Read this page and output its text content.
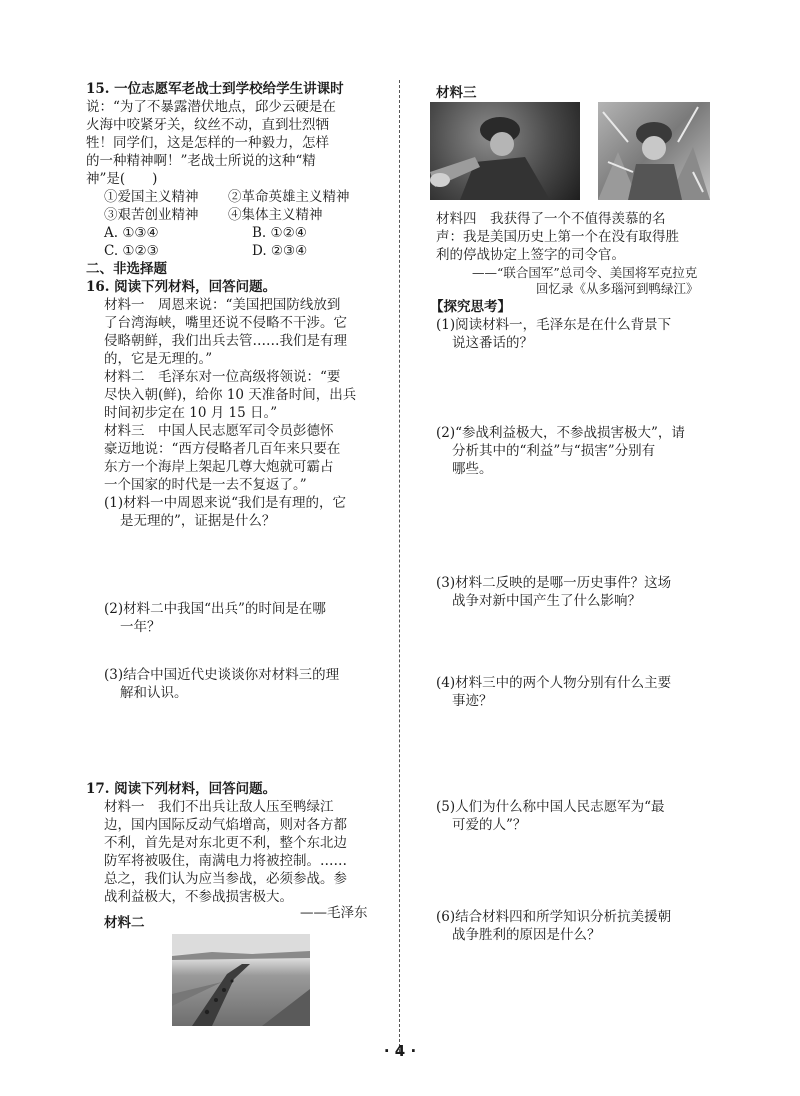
15. 一位志愿军老战士到学校给学生讲课时
说：“为了不暴露潜伏地点，邱少云硬是在
火海中咬紧牙关，纹丝不动，直到壮烈牺
牲！同学们，这是怎样的一种毅力，怎样
的一种精神啊！”老战士所说的这种“精
神”是(　　)
①爱国主义精神 ②革命英雄主义精神
③艰苦创业精神 ④集体主义精神
A. ①③④	B. ①②④
C. ①②③	D. ②③④
二、非选择题
16. 阅读下列材料，回答问题。
材料一　周恩来说：“美国把国防线放到
了台湾海峡，嘴里还说不侵略不干涉。它
侵略朝鲜，我们出兵去管……我们是有理
的，它是无理的。”
材料二　毛泽东对一位高级将领说：“要
尽快入朝(鲜)，给你 10 天准备时间，出兵
时间初步定在 10 月 15 日。”
材料三　中国人民志愿军司令员彭德怀
豪迈地说：“西方侵略者几百年来只要在
东方一个海岸上架起几尊大炮就可霸占
一个国家的时代是一去不复返了。”
(1)材料一中周恩来说“我们是有理的，它
是无理的”，证据是什么？
(2)材料二中我国“出兵”的时间是在哪
一年？
(3)结合中国近代史谈谈你对材料三的理
解和认识。
17. 阅读下列材料，回答问题。
材料一　我们不出兵让敌人压至鸭绿江
边，国内国际反动气焰增高，则对各方都
不利，首先是对东北更不利，整个东北边
防军将被吸住，南满电力将被控制。……
总之，我们认为应当参战，必须参战。参
战利益极大，不参战损害极大。
——毛泽东
材料二
材料三
材料四　我获得了一个不值得羡慕的名
声：我是美国历史上第一个在没有取得胜
利的停战协定上签字的司令官。
——“联合国军”总司令、美国将军克拉克
回忆录《从多瑙河到鸭绿江》
【探究思考】
(1)阅读材料一，毛泽东是在什么背景下
说这番话的？
(2)“参战利益极大，不参战损害极大”，请
分析其中的“利益”与“损害”分别有
哪些。
(3)材料二反映的是哪一历史事件？这场
战争对新中国产生了什么影响？
(4)材料三中的两个人物分别有什么主要
事迹？
(5)人们为什么称中国人民志愿军为“最
可爱的人”？
(6)结合材料四和所学知识分析抗美援朝
战争胜利的原因是什么？
· 4 ·
